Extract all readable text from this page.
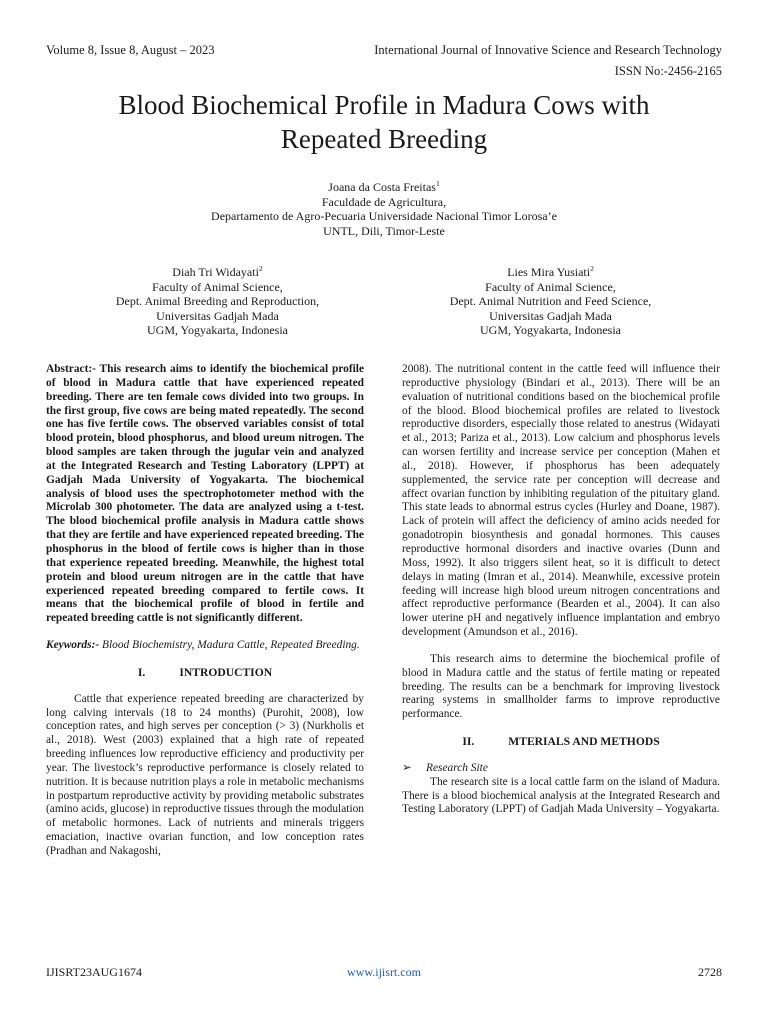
Volume 8, Issue 8, August – 2023	International Journal of Innovative Science and Research Technology
ISSN No:-2456-2165
Blood Biochemical Profile in Madura Cows with
Repeated Breeding
Joana da Costa Freitas$^1$
Faculdade de Agricultura,
Departamento de Agro-Pecuaria Universidade Nacional Timor Lorosa’e
UNTL, Dili, Timor-Leste
Diah Tri Widayati$^2$
Faculty of Animal Science,
Dept. Animal Breeding and Reproduction,
Universitas Gadjah Mada
UGM, Yogyakarta, Indonesia
Lies Mira Yusiati$^2$
Faculty of Animal Science,
Dept. Animal Nutrition and Feed Science,
Universitas Gadjah Mada
UGM, Yogyakarta, Indonesia

Abstract:- This research aims to identify the biochemical profile of blood in Madura cattle that have experienced repeated breeding. There are ten female cows divided into two groups. In the first group, five cows are being mated repeatedly. The second one has five fertile cows. The observed variables consist of total blood protein, blood phosphorus, and blood ureum nitrogen. The blood samples are taken through the jugular vein and analyzed at the Integrated Research and Testing Laboratory (LPPT) at Gadjah Mada University of Yogyakarta. The biochemical analysis of blood uses the spectrophotometer method with the Microlab 300 photometer. The data are analyzed using a t-test. The blood biochemical profile analysis in Madura cattle shows that they are fertile and have experienced repeated breeding. The phosphorus in the blood of fertile cows is higher than in those that experience repeated breeding. Meanwhile, the highest total protein and blood ureum nitrogen are in the cattle that have experienced repeated breeding compared to fertile cows. It means that the biochemical profile of blood in fertile and repeated breeding cattle is not significantly different.

Keywords:- Blood Biochemistry, Madura Cattle, Repeated Breeding.

I.	INTRODUCTION

Cattle that experience repeated breeding are characterized by long calving intervals (18 to 24 months) (Purohit, 2008), low conception rates, and high serves per conception (> 3) (Nurkholis et al., 2018). West (2003) explained that a high rate of repeated breeding influences low reproductive efficiency and productivity per year. The livestock’s reproductive performance is closely related to nutrition. It is because nutrition plays a role in metabolic mechanisms in postpartum reproductive activity by providing metabolic substrates (amino acids, glucose) in reproductive tissues through the modulation of metabolic hormones. Lack of nutrients and minerals triggers emaciation, inactive ovarian function, and low conception rates (Pradhan and Nakagoshi,

2008). The nutritional content in the cattle feed will influence their reproductive physiology (Bindari et al., 2013). There will be an evaluation of nutritional conditions based on the biochemical profile of the blood. Blood biochemical profiles are related to livestock reproductive disorders, especially those related to anestrus (Widayati et al., 2013; Pariza et al., 2013). Low calcium and phosphorus levels can worsen fertility and increase service per conception (Mahen et al., 2018). However, if phosphorus has been adequately supplemented, the service rate per conception will decrease and affect ovarian function by inhibiting regulation of the pituitary gland. This state leads to abnormal estrus cycles (Hurley and Doane, 1987). Lack of protein will affect the deficiency of amino acids needed for gonadotropin biosynthesis and gonadal hormones. This causes reproductive hormonal disorders and inactive ovaries (Dunn and Moss, 1992). It also triggers silent heat, so it is difficult to detect delays in mating (Imran et al., 2014). Meanwhile, excessive protein feeding will increase high blood ureum nitrogen concentrations and affect reproductive performance (Bearden et al., 2004). It can also lower uterine pH and negatively influence implantation and embryo development (Amundson et al., 2016).

This research aims to determine the biochemical profile of blood in Madura cattle and the status of fertile mating or repeated breeding. The results can be a benchmark for improving livestock rearing systems in smallholder farms to improve reproductive performance.

II.	MTERIALS AND METHODS

➢ Research Site

The research site is a local cattle farm on the island of Madura. There is a blood biochemical analysis at the Integrated Research and Testing Laboratory (LPPT) of Gadjah Mada University – Yogyakarta.

IJISRT23AUG1674	www.ijisrt.com	2728
